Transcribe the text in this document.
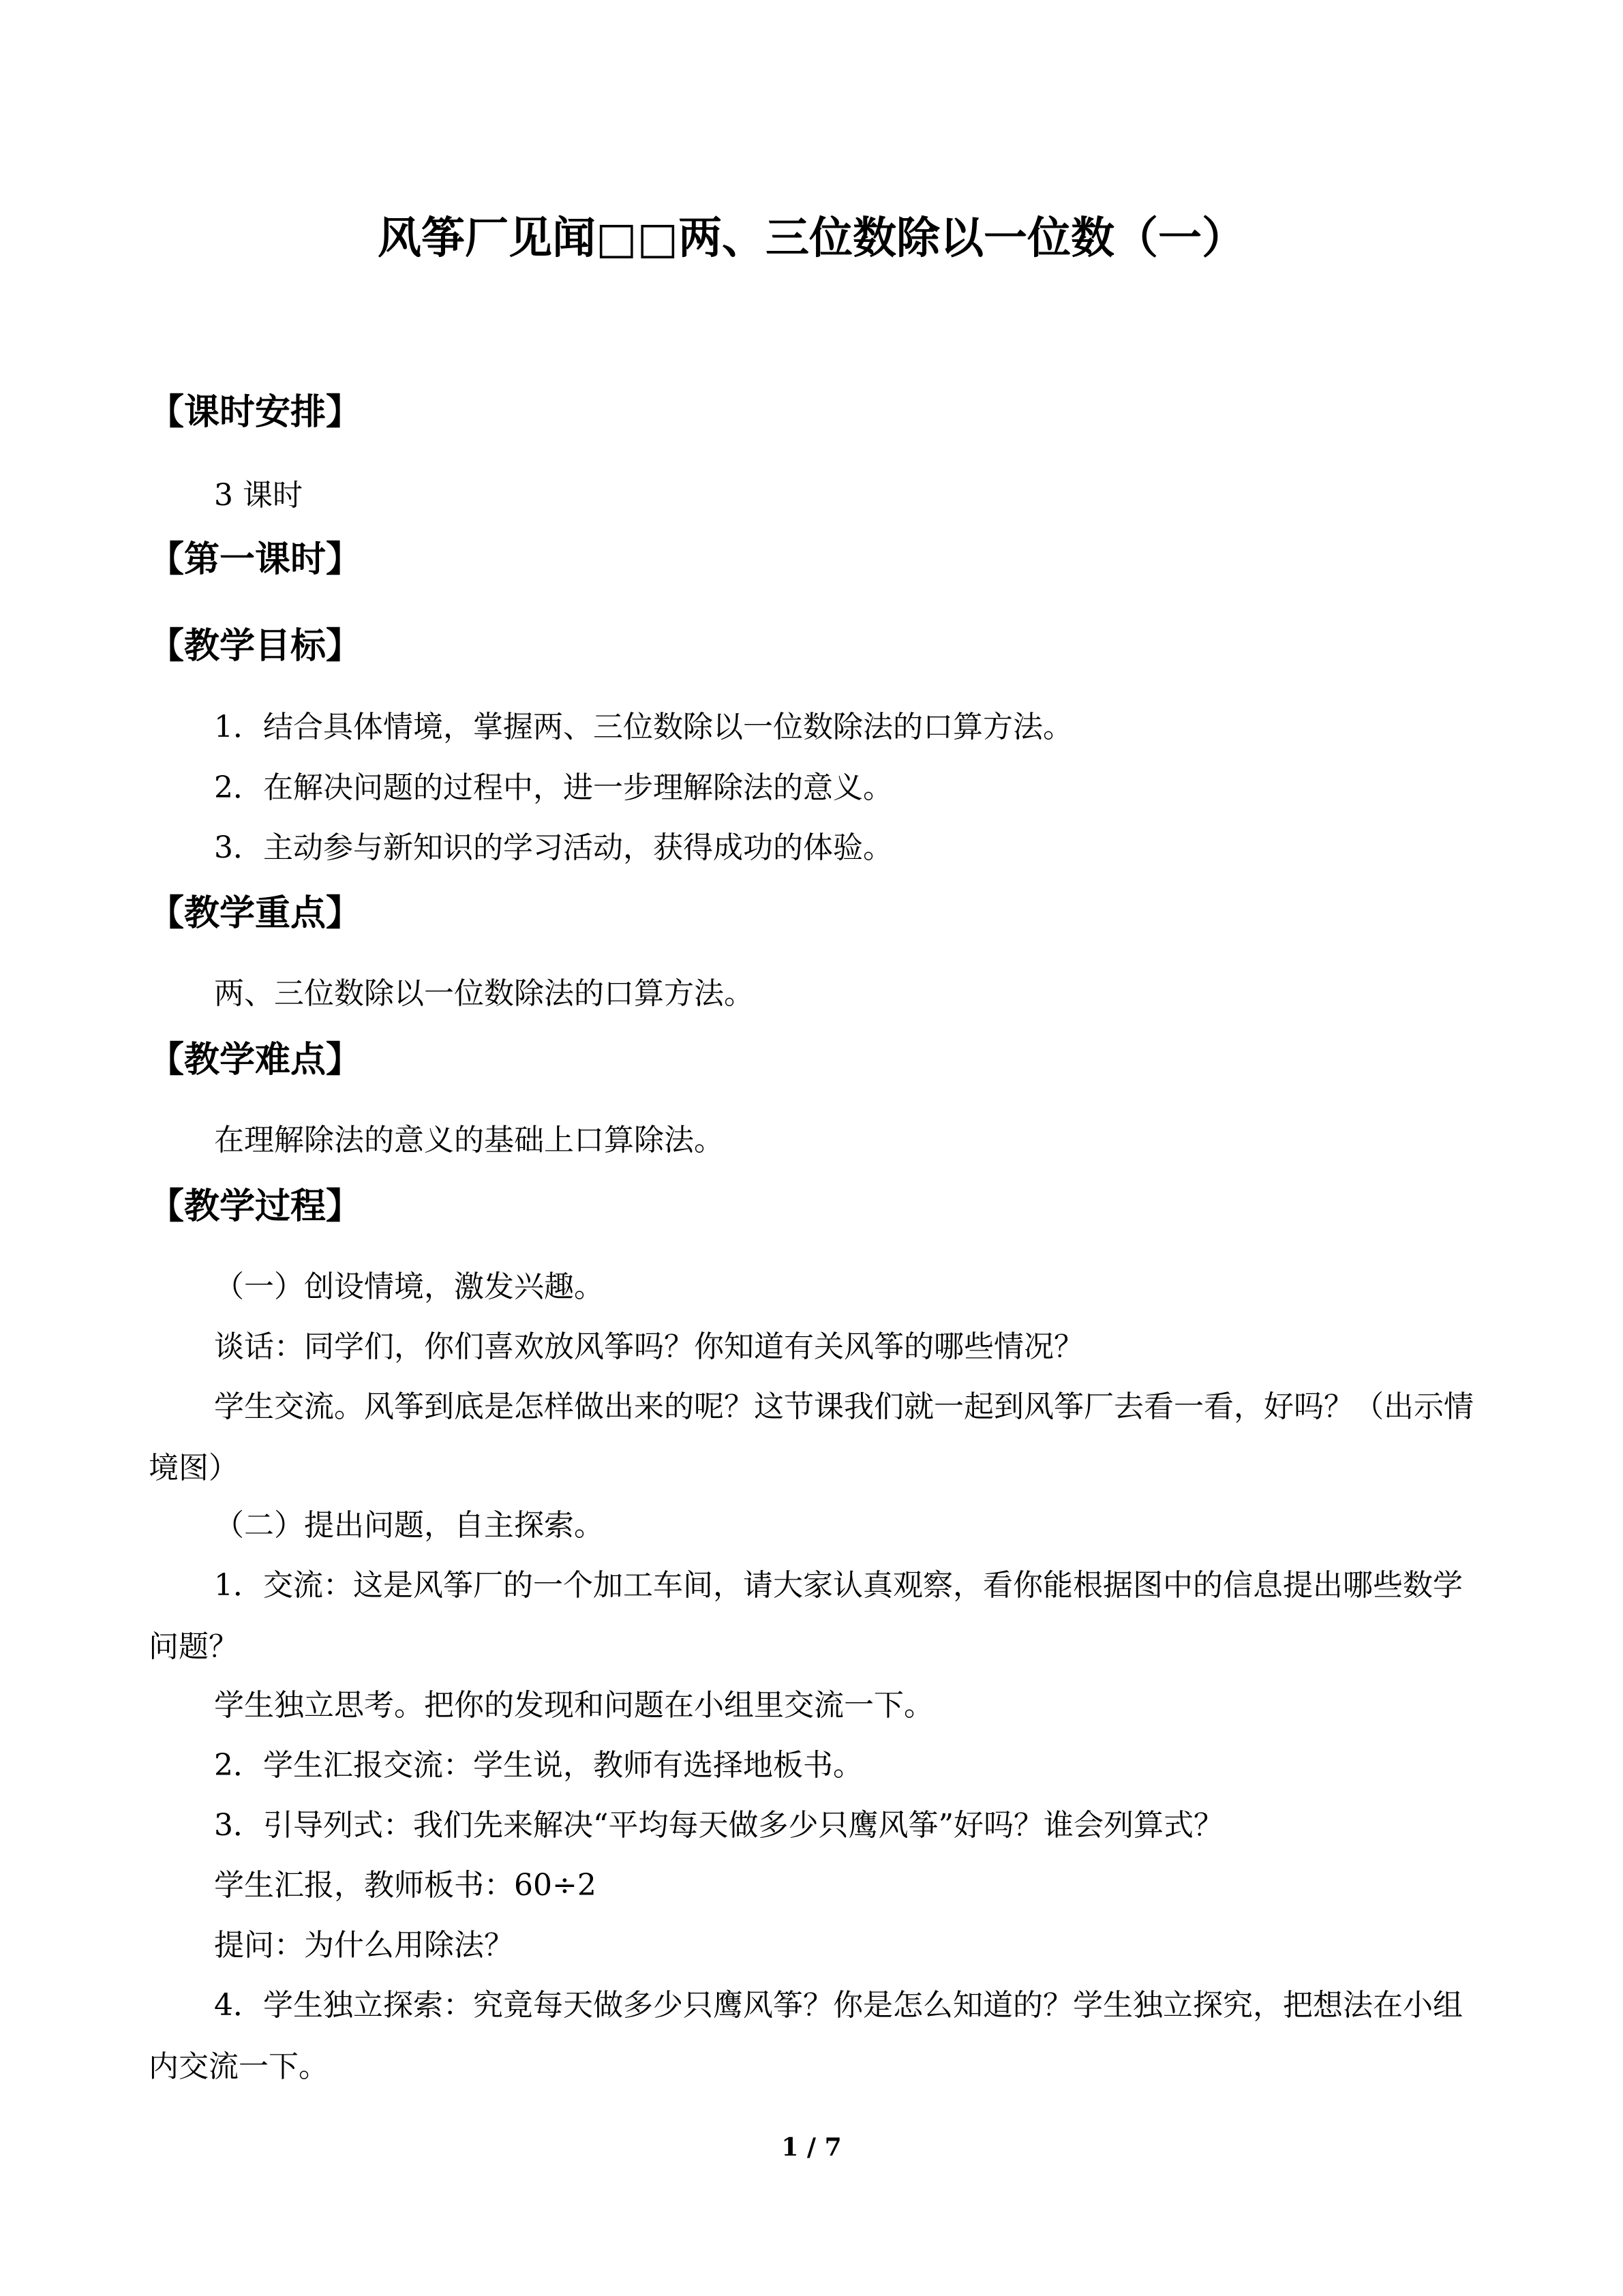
风筝厂见闻□□两、三位数除以一位数（一）
【课时安排】
3 课时
【第一课时】
【教学目标】
1．结合具体情境，掌握两、三位数除以一位数除法的口算方法。
2．在解决问题的过程中，进一步理解除法的意义。
3．主动参与新知识的学习活动，获得成功的体验。
【教学重点】
两、三位数除以一位数除法的口算方法。
【教学难点】
在理解除法的意义的基础上口算除法。
【教学过程】
（一）创设情境，激发兴趣。
谈话：同学们，你们喜欢放风筝吗？你知道有关风筝的哪些情况？
学生交流。风筝到底是怎样做出来的呢？这节课我们就一起到风筝厂去看一看，好吗？（出示情境图）
（二）提出问题，自主探索。
1．交流：这是风筝厂的一个加工车间，请大家认真观察，看你能根据图中的信息提出哪些数学问题？
学生独立思考。把你的发现和问题在小组里交流一下。
2．学生汇报交流：学生说，教师有选择地板书。
3．引导列式：我们先来解决“平均每天做多少只鹰风筝”好吗？谁会列算式？
学生汇报，教师板书：60÷2
提问：为什么用除法？
4．学生独立探索：究竟每天做多少只鹰风筝？你是怎么知道的？学生独立探究，把想法在小组内交流一下。
1 / 7
